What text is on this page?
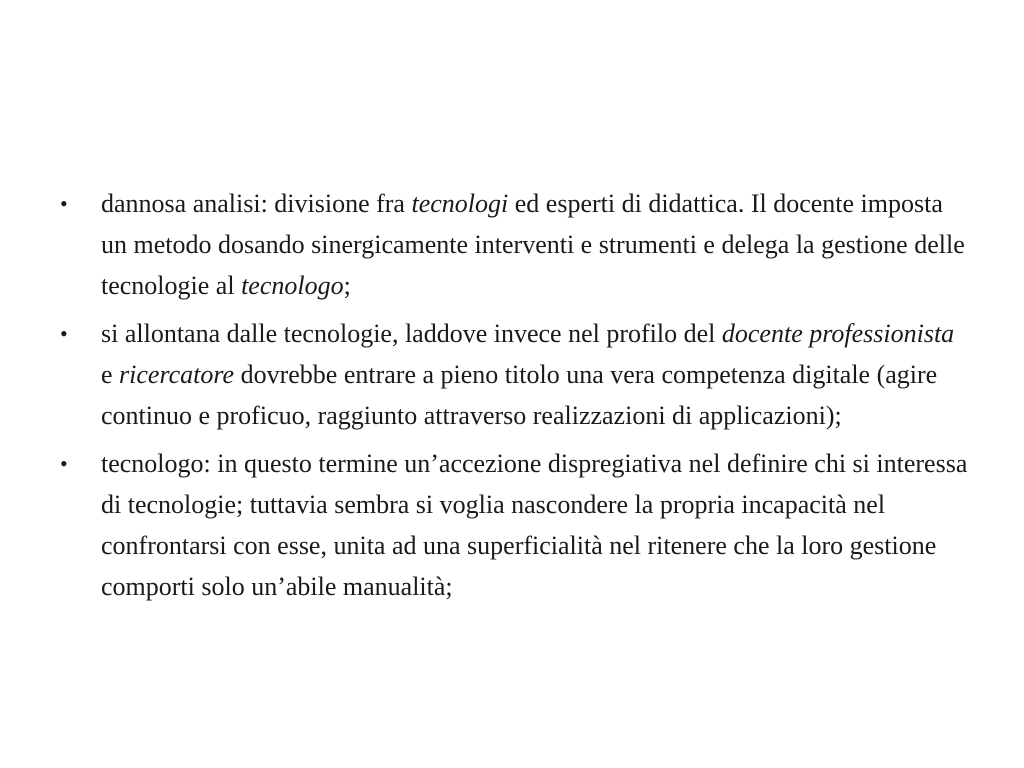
• dannosa analisi: divisione fra tecnologi ed esperti di didattica. Il docente imposta un metodo dosando sinergicamente interventi e strumenti e delega la gestione delle tecnologie al tecnologo;
• si allontana dalle tecnologie, laddove invece nel profilo del docente professionista e ricercatore dovrebbe entrare a pieno titolo una vera competenza digitale (agire continuo e proficuo, raggiunto attraverso realizzazioni di applicazioni);
• tecnologo: in questo termine un’accezione dispregiativa nel definire chi si interessa di tecnologie; tuttavia sembra si voglia nascondere la propria incapacità nel confrontarsi con esse, unita ad una superficialità nel ritenere che la loro gestione comporti solo un’abile manualità;
